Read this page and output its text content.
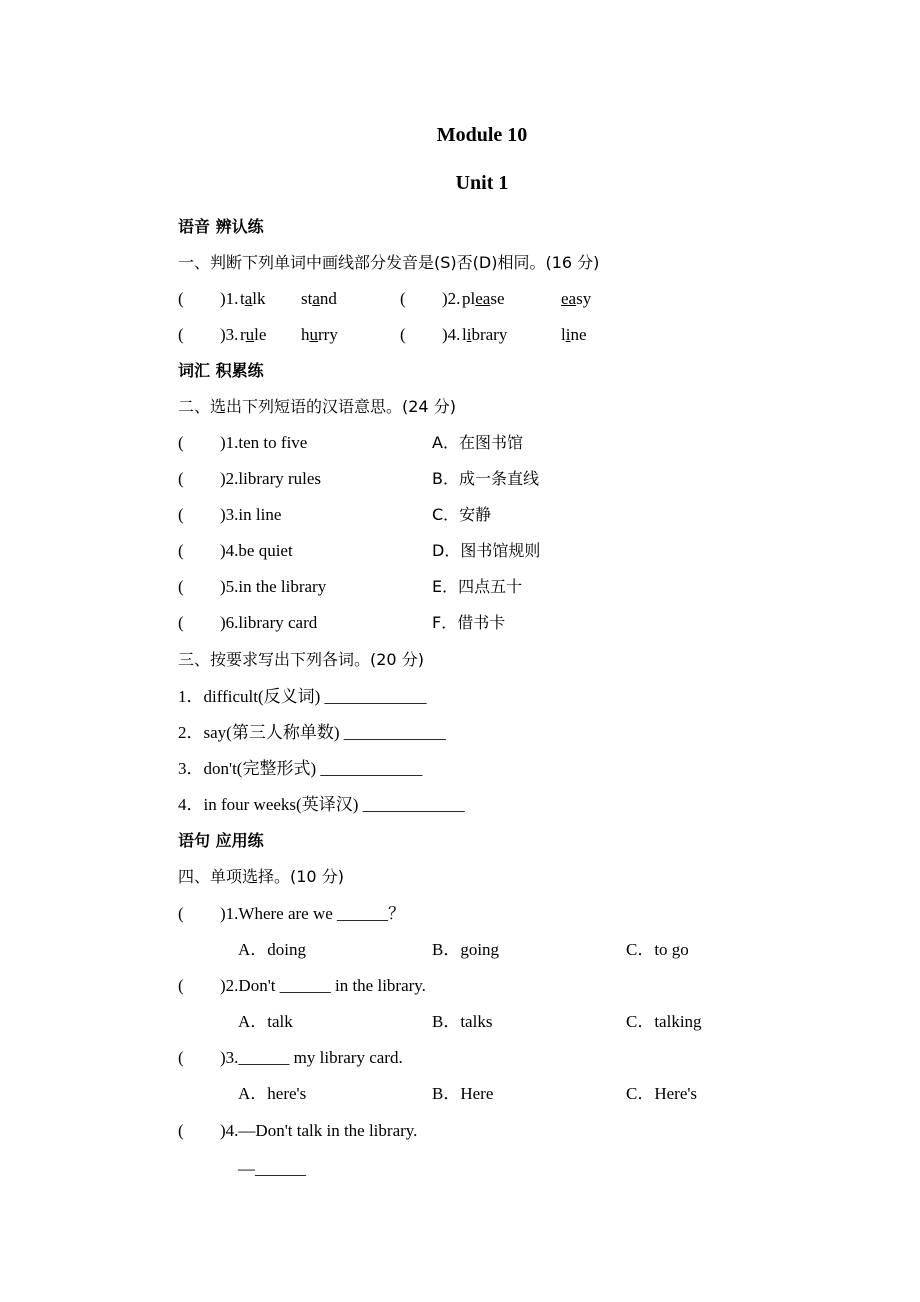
Module 10
Unit 1
语音 辨认练
一、判断下列单词中画线部分发音是(S)否(D)相同。(16 分)
( )1. talk stand	( )2. please	easy
( )3. rule hurry	( )4. library	line
词汇 积累练
二、选出下列短语的汉语意思。(24 分)
( )1.ten to five	A．在图书馆
( )2.library rules	B．成一条直线
( )3.in line	C．安静
( )4.be quiet	D．图书馆规则
( )5.in the library	E．四点五十
( )6.library card	F．借书卡
三、按要求写出下列各词。(20 分)
1．difficult(反义词) ____________
2．say(第三人称单数) ____________
3．don't(完整形式) ____________
4．in four weeks(英译汉) ____________
语句 应用练
四、单项选择。(10 分)
( )1.Where are we ______？
A．doing	B．going	C．to go
( )2.Don't ______ in the library.
A．talk	B．talks	C．talking
( )3.______ my library card.
A．here's	B．Here	C．Here's
( )4.—Don't talk in the library.
—______
